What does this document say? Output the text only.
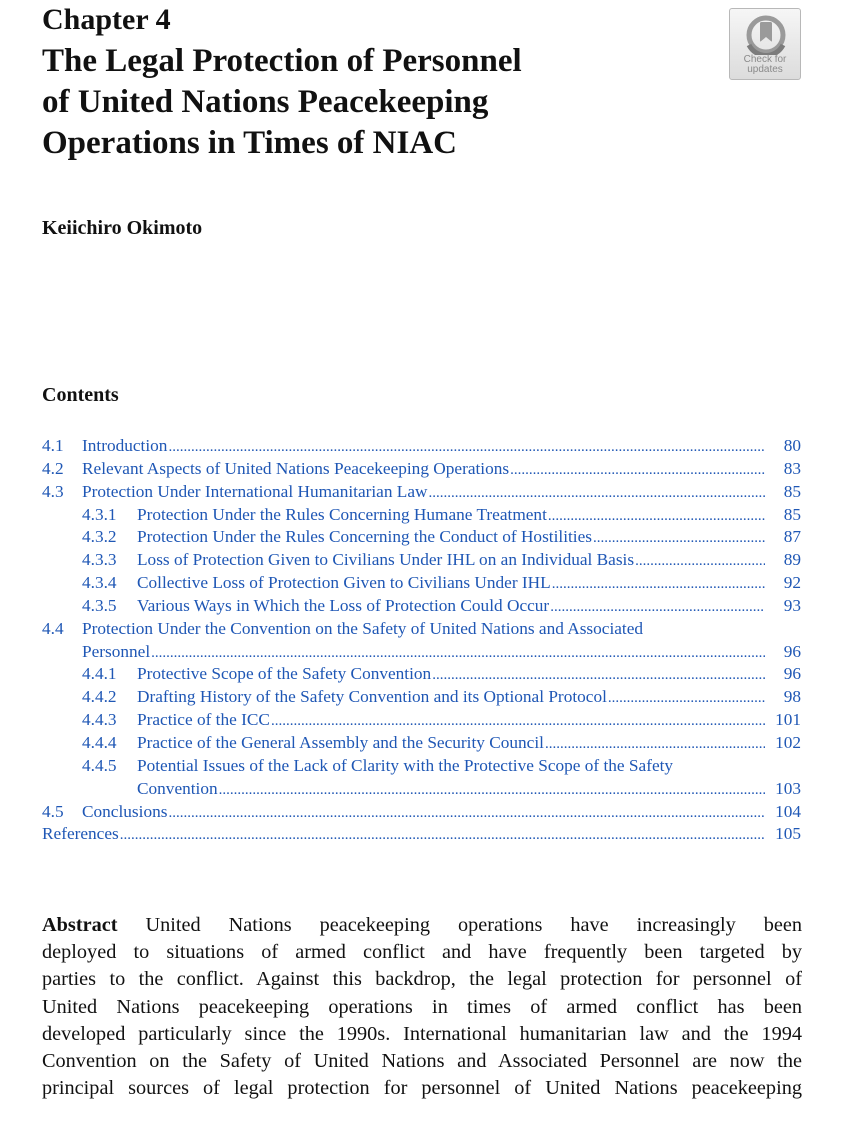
Chapter 4
The Legal Protection of Personnel
of United Nations Peacekeeping
Operations in Times of NIAC
Check for
updates

Keiichiro Okimoto

Contents
4.1	Introduction .....	80
4.2	Relevant Aspects of United Nations Peacekeeping Operations .....	83
4.3	Protection Under International Humanitarian Law .....	85
4.3.1	Protection Under the Rules Concerning Humane Treatment .....	85
4.3.2	Protection Under the Rules Concerning the Conduct of Hostilities .....	87
4.3.3	Loss of Protection Given to Civilians Under IHL on an Individual Basis .....	89
4.3.4	Collective Loss of Protection Given to Civilians Under IHL .....	92
4.3.5	Various Ways in Which the Loss of Protection Could Occur .....	93
4.4	Protection Under the Convention on the Safety of United Nations and Associated
Personnel .....	96
4.4.1	Protective Scope of the Safety Convention .....	96
4.4.2	Drafting History of the Safety Convention and its Optional Protocol .....	98
4.4.3	Practice of the ICC .....	101
4.4.4	Practice of the General Assembly and the Security Council .....	102
4.4.5	Potential Issues of the Lack of Clarity with the Protective Scope of the Safety
Convention .....	103
4.5	Conclusions .....	104
References .....	105
Abstract United Nations peacekeeping operations have increasingly been
deployed to situations of armed conflict and have frequently been targeted by
parties to the conflict. Against this backdrop, the legal protection for personnel of
United Nations peacekeeping operations in times of armed conflict has been
developed particularly since the 1990s. International humanitarian law and the 1994
Convention on the Safety of United Nations and Associated Personnel are now the
principal sources of legal protection for personnel of United Nations peacekeeping
